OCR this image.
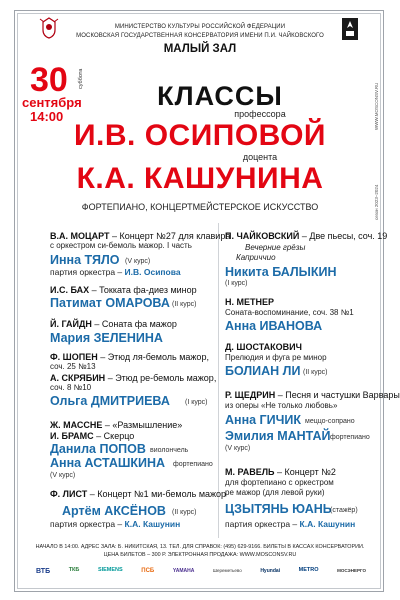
МИНИСТЕРСТВО КУЛЬТУРЫ РОССИЙСКОЙ ФЕДЕРАЦИИ
МОСКОВСКАЯ ГОСУДАРСТВЕННАЯ КОНСЕРВАТОРИЯ ИМЕНИ П.И. ЧАЙКОВСКОГО
МАЛЫЙ ЗАЛ
КЛАССЫ
профессора
И.В. ОСИПОВОЙ
доцента
К.А. КАШУНИНА
ФОРТЕПИАНО, КОНЦЕРТМЕЙСТЕРСКОЕ ИСКУССТВО
30 суббота
сентября
14:00
сезон 2023–2024
WWW.MOSCONSV.RU
В.А. МОЦАРТ – Концерт №27 для клавира
с оркестром си-бемоль мажор. I часть
Инна ТЯЛО (V курс)
партия оркестра – И.В. Осипова
И.С. БАХ – Токката фа-диез минор
Патимат ОМАРОВА (II курс)
Й. ГАЙДН – Соната фа мажор
Мария ЗЕЛЕНИНА
Ф. ШОПЕН – Этюд ля-бемоль мажор,
соч. 25 №13
А. СКРЯБИН – Этюд ре-бемоль мажор,
соч. 8 №10
Ольга ДМИТРИЕВА (I курс)
Ж. МАССНЕ – «Размышление»
И. БРАМС – Скерцо
Данила ПОПОВ виолончель
Анна АСТАШКИНА фортепиано
(V курс)
Ф. ЛИСТ – Концерт №1 ми-бемоль мажор
Артём АКСЁНОВ (II курс)
партия оркестра – К.А. Кашунин
П. ЧАЙКОВСКИЙ – Две пьесы, соч. 19
Вечерние грёзы
Каприччио
Никита БАЛЫКИН
(I курс)
Н. МЕТНЕР
Соната-воспоминание, соч. 38 №1
Анна ИВАНОВА
Д. ШОСТАКОВИЧ
Прелюдия и фуга ре минор
БОЛИАН ЛИ (II курс)
Р. ЩЕДРИН – Песня и частушки Варвары
из оперы «Не только любовь»
Анна ГИЧИК меццо-сопрано
Эмилия МАНТАЙ фортепиано
(V курс)
М. РАВЕЛЬ – Концерт №2
для фортепиано с оркестром
ре мажор (для левой руки)
ЦЗЫТЯНЬ ЮАНЬ
(стажёр)
партия оркестра – К.А. Кашунин
НАЧАЛО В 14:00. АДРЕС ЗАЛА: Б. НИКИТСКАЯ, 13. ТЕЛ. ДЛЯ СПРАВОК: (495) 629-9166. БИЛЕТЫ В КАССАХ КОНСЕРВАТОРИИ.
ЦЕНА БИЛЕТОВ – 300 Р. ЭЛЕКТРОННАЯ ПРОДАЖА: WWW.MOSCONSV.RU
ВТБ	ТКБ	SIEMENS	ПСБ	YAMAHA	Шереметьево	Hyundai	METRO	МОСЭНЕРГО
